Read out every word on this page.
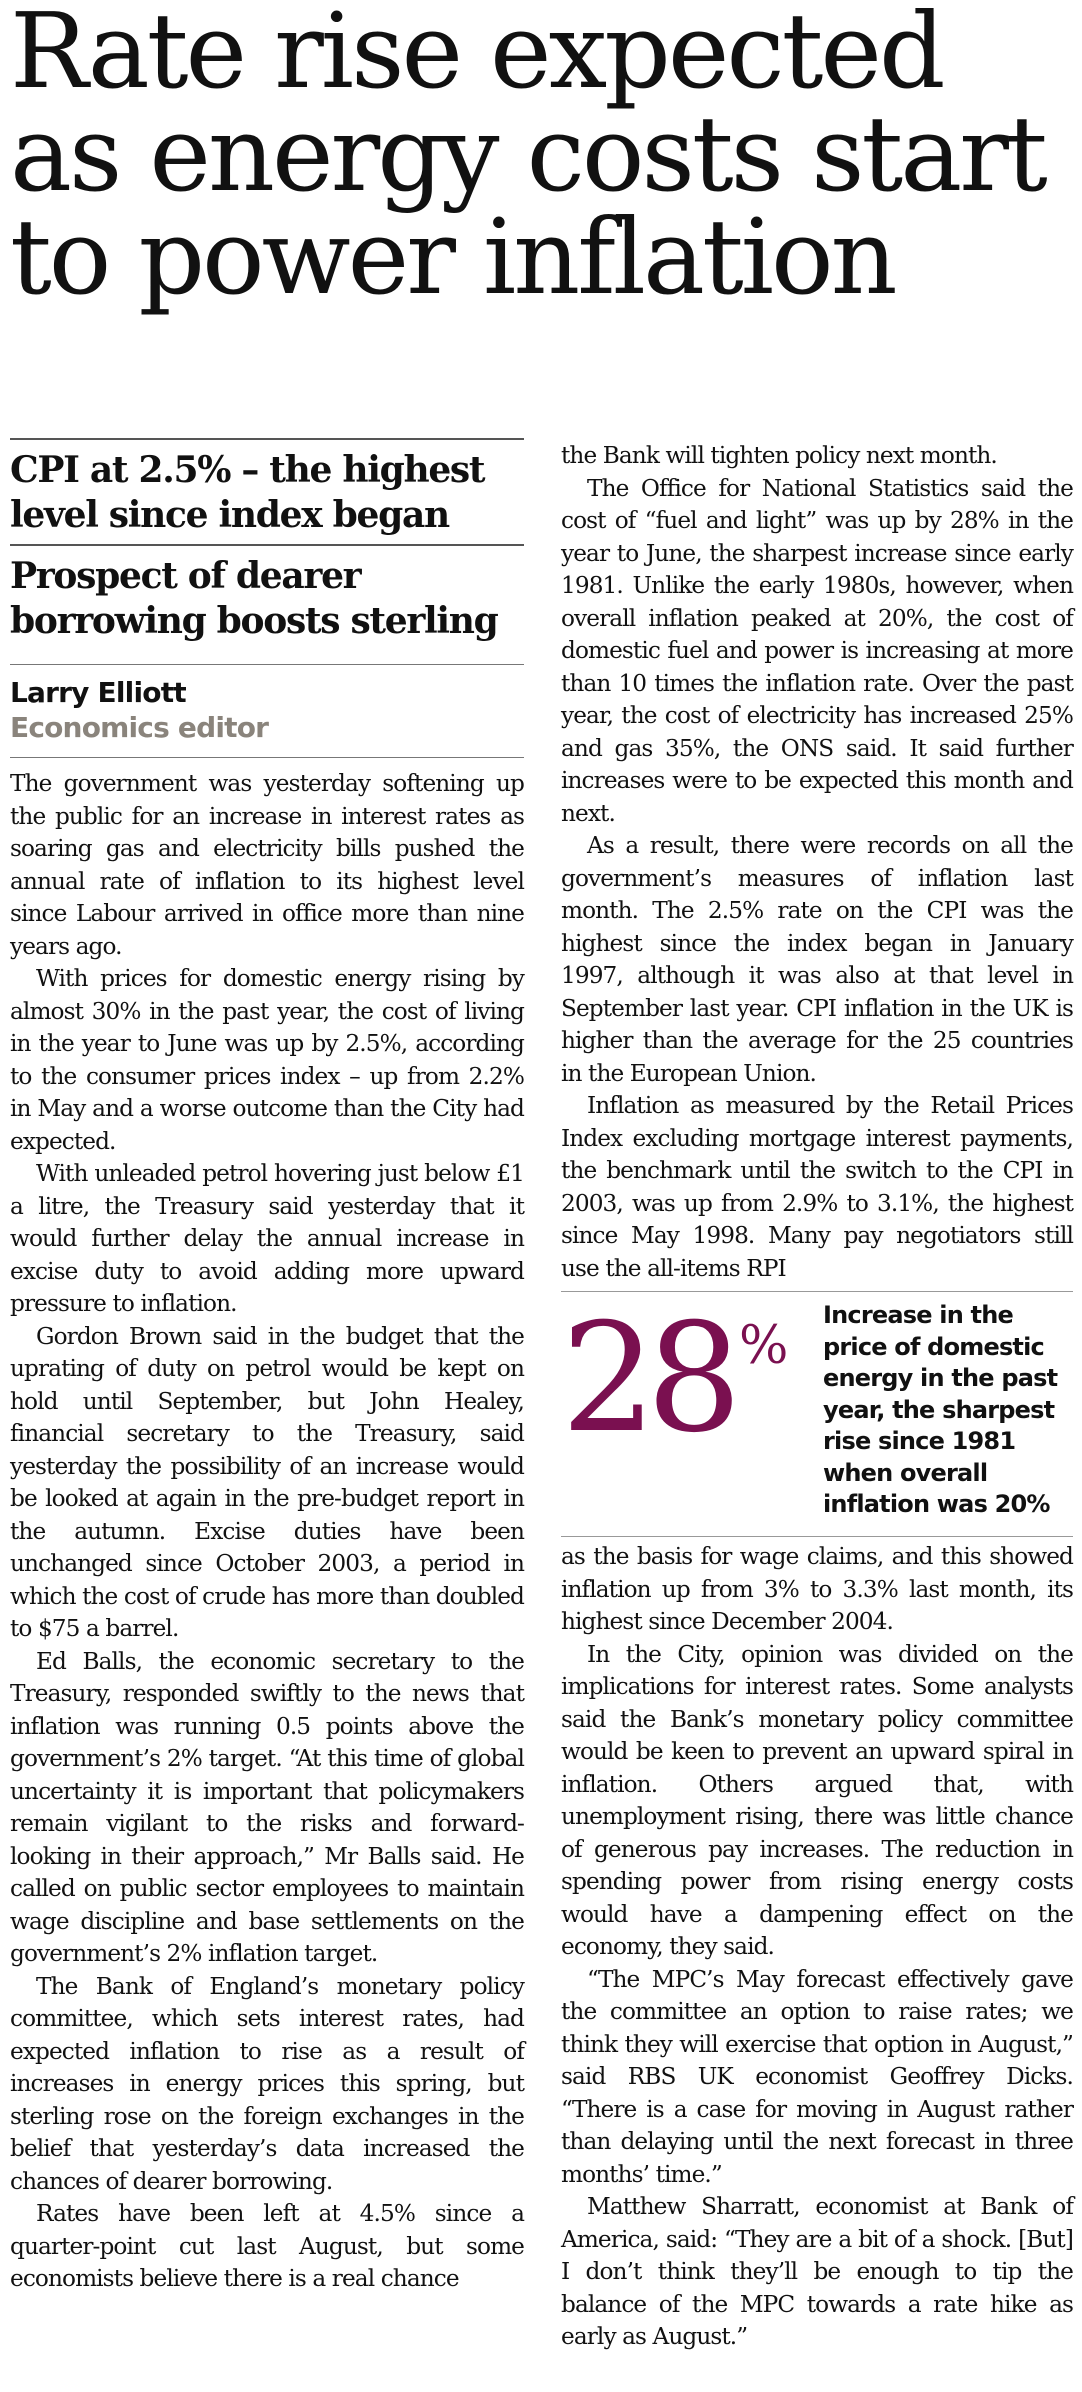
Rate rise expected
as energy costs start
to power inflation
CPI at 2.5% – the highest
level since index began
Prospect of dearer
borrowing boosts sterling
Larry Elliott
Economics editor

The government was yesterday softening up the public for an increase in interest rates as soaring gas and electricity bills pushed the annual rate of inflation to its highest level since Labour arrived in office more than nine years ago.

With prices for domestic energy rising by almost 30% in the past year, the cost of living in the year to June was up by 2.5%, according to the consumer prices index – up from 2.2% in May and a worse outcome than the City had expected.

With unleaded petrol hovering just below £1 a litre, the Treasury said yesterday that it would further delay the annual increase in excise duty to avoid adding more upward pressure to inflation.

Gordon Brown said in the budget that the uprating of duty on petrol would be kept on hold until September, but John Healey, financial secretary to the Treasury, said yesterday the possibility of an increase would be looked at again in the pre-budget report in the autumn. Excise duties have been unchanged since October 2003, a period in which the cost of crude has more than doubled to $75 a barrel.

Ed Balls, the economic secretary to the Treasury, responded swiftly to the news that inflation was running 0.5 points above the government’s 2% target. “At this time of global uncertainty it is important that policymakers remain vigilant to the risks and forward-looking in their approach,” Mr Balls said. He called on public sector employees to maintain wage discipline and base settlements on the government’s 2% inflation target.

The Bank of England’s monetary policy committee, which sets interest rates, had expected inflation to rise as a result of increases in energy prices this spring, but sterling rose on the foreign exchanges in the belief that yesterday’s data increased the chances of dearer borrowing.

Rates have been left at 4.5% since a quarter-point cut last August, but some economists believe there is a real chance

the Bank will tighten policy next month.

The Office for National Statistics said the cost of “fuel and light” was up by 28% in the year to June, the sharpest increase since early 1981. Unlike the early 1980s, however, when overall inflation peaked at 20%, the cost of domestic fuel and power is increasing at more than 10 times the inflation rate. Over the past year, the cost of electricity has increased 25% and gas 35%, the ONS said. It said further increases were to be expected this month and next.

As a result, there were records on all the government’s measures of inflation last month. The 2.5% rate on the CPI was the highest since the index began in January 1997, although it was also at that level in September last year. CPI inflation in the UK is higher than the average for the 25 countries in the European Union.

Inflation as measured by the Retail Prices Index excluding mortgage interest payments, the benchmark until the switch to the CPI in 2003, was up from 2.9% to 3.1%, the highest since May 1998. Many pay negotiators still use the all-items RPI

28 %
Increase in the
price of domestic
energy in the past
year, the sharpest
rise since 1981
when overall
inflation was 20%

as the basis for wage claims, and this showed inflation up from 3% to 3.3% last month, its highest since December 2004.

In the City, opinion was divided on the implications for interest rates. Some analysts said the Bank’s monetary policy committee would be keen to prevent an upward spiral in inflation. Others argued that, with unemployment rising, there was little chance of generous pay increases. The reduction in spending power from rising energy costs would have a dampening effect on the economy, they said.

“The MPC’s May forecast effectively gave the committee an option to raise rates; we think they will exercise that option in August,” said RBS UK economist Geoffrey Dicks. “There is a case for moving in August rather than delaying until the next forecast in three months’ time.”

Matthew Sharratt, economist at Bank of America, said: “They are a bit of a shock. [But] I don’t think they’ll be enough to tip the balance of the MPC towards a rate hike as early as August.”
